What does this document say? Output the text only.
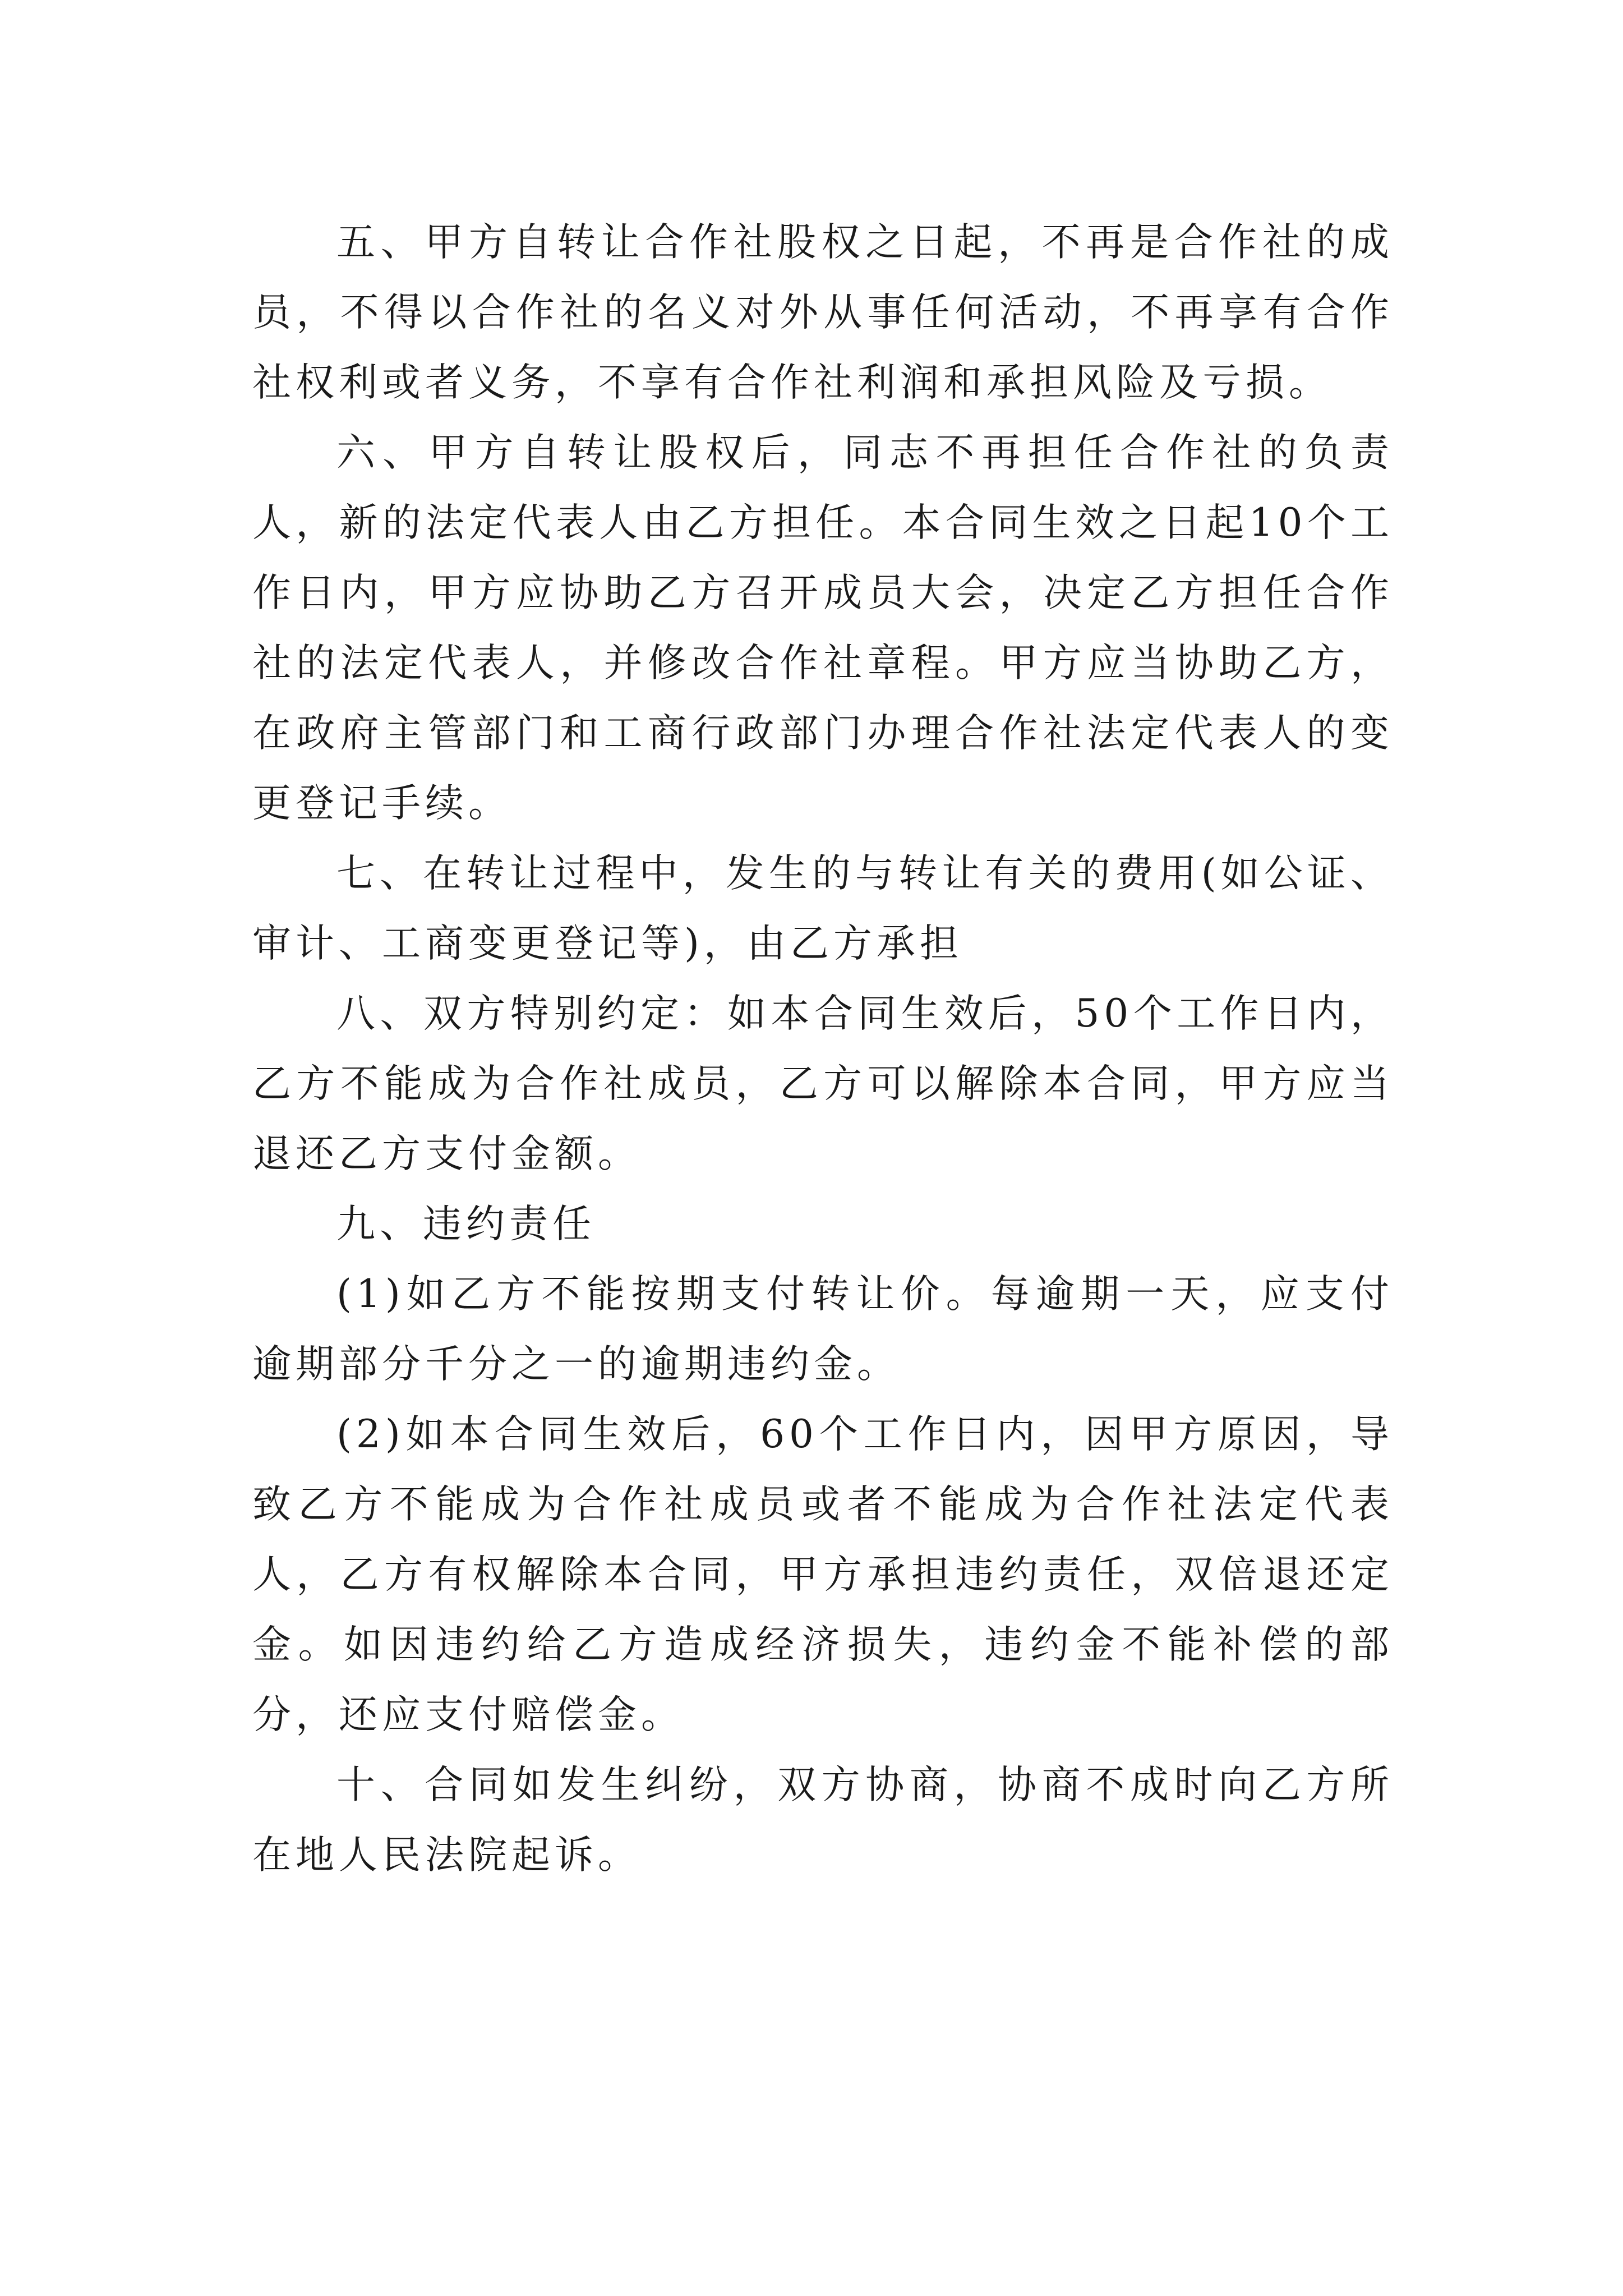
五、甲方自转让合作社股权之日起，不再是合作社的成员，不得以合作社的名义对外从事任何活动，不再享有合作社权利或者义务，不享有合作社利润和承担风险及亏损。

六、甲方自转让股权后，同志不再担任合作社的负责人，新的法定代表人由乙方担任。本合同生效之日起10个工作日内，甲方应协助乙方召开成员大会，决定乙方担任合作社的法定代表人，并修改合作社章程。甲方应当协助乙方，在政府主管部门和工商行政部门办理合作社法定代表人的变更登记手续。

七、在转让过程中，发生的与转让有关的费用(如公证、审计、工商变更登记等)，由乙方承担

八、双方特别约定：如本合同生效后，50个工作日内，乙方不能成为合作社成员，乙方可以解除本合同，甲方应当退还乙方支付金额。

九、违约责任

(1)如乙方不能按期支付转让价。每逾期一天，应支付逾期部分千分之一的逾期违约金。

(2)如本合同生效后，60个工作日内，因甲方原因，导致乙方不能成为合作社成员或者不能成为合作社法定代表人，乙方有权解除本合同，甲方承担违约责任，双倍退还定金。如因违约给乙方造成经济损失，违约金不能补偿的部分，还应支付赔偿金。

十、合同如发生纠纷，双方协商，协商不成时向乙方所在地人民法院起诉。
